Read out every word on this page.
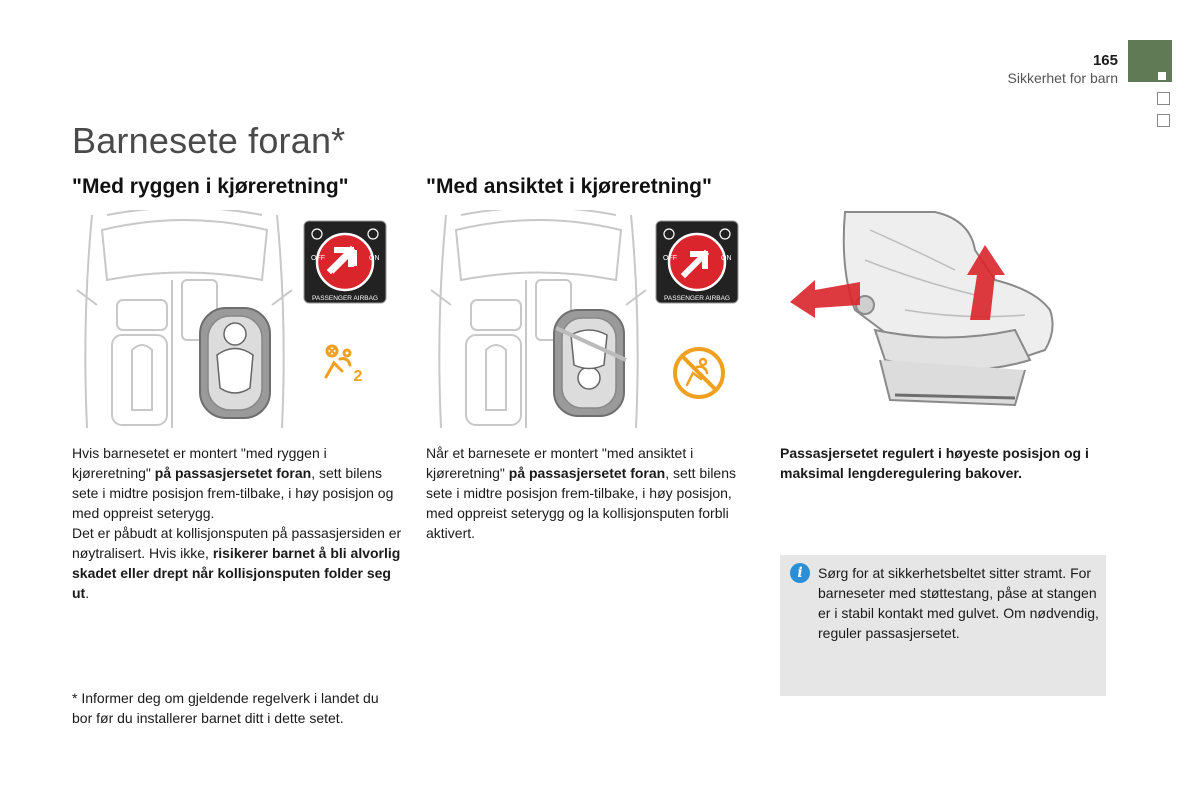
165
Sikkerhet for barn
Barnesete foran*
"Med ryggen i kjøreretning"	"Med ansiktet i kjøreretning"
OFF	ON
PASSENGER AIRBAG
2
OFF	ON
PASSENGER AIRBAG
Hvis barnesetet er montert "med ryggen i kjøreretning" på passasjersetet foran, sett bilens sete i midtre posisjon frem-tilbake, i høy posisjon og med oppreist seterygg.
Det er påbudt at kollisjonsputen på passasjersiden er nøytralisert. Hvis ikke, risikerer barnet å bli alvorlig skadet eller drept når kollisjonsputen folder seg ut.
Når et barnesete er montert "med ansiktet i kjøreretning" på passasjersetet foran, sett bilens sete i midtre posisjon frem-tilbake, i høy posisjon, med oppreist seterygg og la kollisjonsputen forbli aktivert.
Passasjersetet regulert i høyeste posisjon og i maksimal lengderegulering bakover.
i	Sørg for at sikkerhetsbeltet sitter stramt. For barneseter med støttestang, påse at stangen er i stabil kontakt med gulvet. Om nødvendig, reguler passasjersetet.
* Informer deg om gjeldende regelverk i landet du bor før du installerer barnet ditt i dette setet.
